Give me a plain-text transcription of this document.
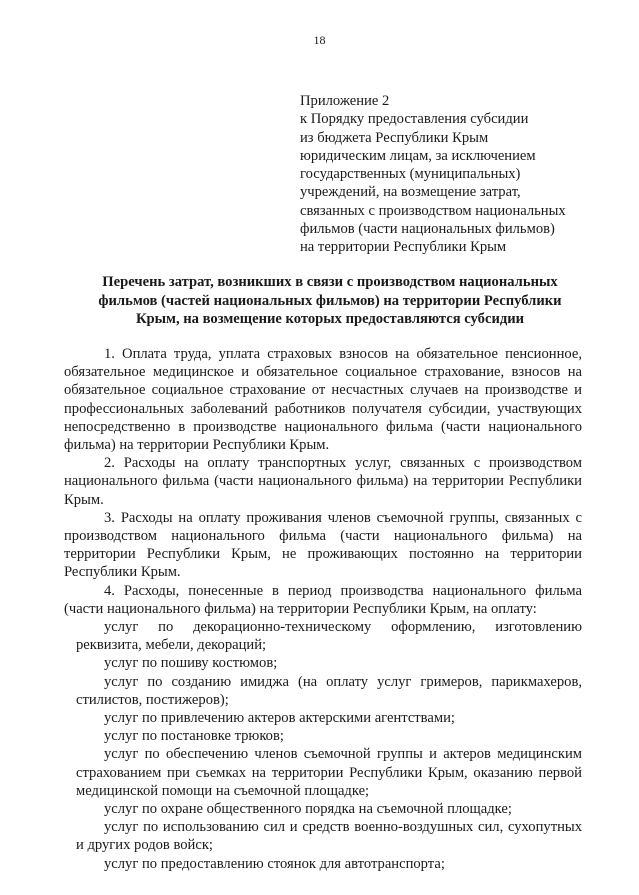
18
Приложение 2
к Порядку предоставления субсидии
из бюджета Республики Крым
юридическим лицам, за исключением
государственных (муниципальных)
учреждений, на возмещение затрат,
связанных с производством национальных
фильмов (части национальных фильмов)
на территории Республики Крым
Перечень затрат, возникших в связи с производством национальных
фильмов (частей национальных фильмов) на территории Республики
Крым, на возмещение которых предоставляются субсидии

1. Оплата труда, уплата страховых взносов на обязательное пенсионное, обязательное медицинское и обязательное социальное страхование, взносов на обязательное социальное страхование от несчастных случаев на производстве и профессиональных заболеваний работников получателя субсидии, участвующих непосредственно в производстве национального фильма (части национального фильма) на территории Республики Крым.

2. Расходы на оплату транспортных услуг, связанных с производством национального фильма (части национального фильма) на территории Республики Крым.

3. Расходы на оплату проживания членов съемочной группы, связанных с производством национального фильма (части национального фильма) на территории Республики Крым, не проживающих постоянно на территории Республики Крым.

4. Расходы, понесенные в период производства национального фильма (части национального фильма) на территории Республики Крым, на оплату:

услуг по декорационно-техническому оформлению, изготовлению реквизита, мебели, декораций;

услуг по пошиву костюмов;

услуг по созданию имиджа (на оплату услуг гримеров, парикмахеров, стилистов, постижеров);

услуг по привлечению актеров актерскими агентствами;

услуг по постановке трюков;

услуг по обеспечению членов съемочной группы и актеров медицинским страхованием при съемках на территории Республики Крым, оказанию первой медицинской помощи на съемочной площадке;

услуг по охране общественного порядка на съемочной площадке;

услуг по использованию сил и средств военно-воздушных сил, сухопутных и других родов войск;

услуг по предоставлению стоянок для автотранспорта;
